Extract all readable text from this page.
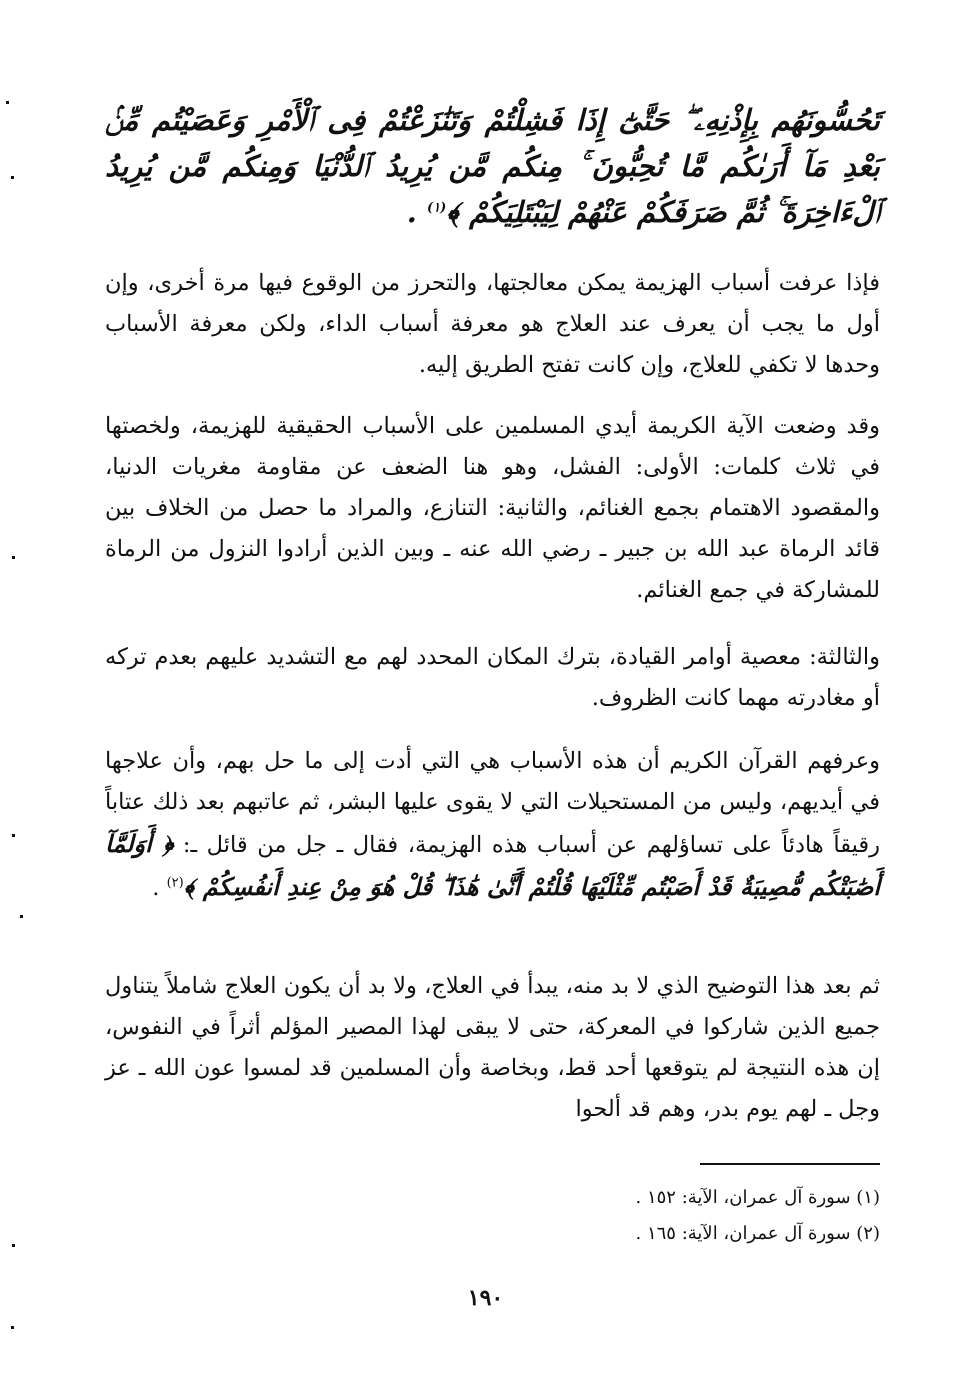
تَحُسُّونَهُم بِإِذْنِهِۦ ۖ حَتَّىٰٓ إِذَا فَشِلْتُمْ وَتَنَٰزَعْتُمْ فِى ٱلْأَمْرِ وَعَصَيْتُم مِّنۢ بَعْدِ مَآ أَرَىٰكُم مَّا تُحِبُّونَ ۚ مِنكُم مَّن يُرِيدُ ٱلدُّنْيَا وَمِنكُم مَّن يُرِيدُ ٱلْءَاخِرَةَ ۚ ثُمَّ صَرَفَكُمْ عَنْهُمْ لِيَبْتَلِيَكُمْ ﴾$^{(١)}$ .
فإذا عرفت أسباب الهزيمة يمكن معالجتها، والتحرز من الوقوع فيها مرة أخرى، وإن أول ما يجب أن يعرف عند العلاج هو معرفة أسباب الداء، ولكن معرفة الأسباب وحدها لا تكفي للعلاج، وإن كانت تفتح الطريق إليه.
وقد وضعت الآية الكريمة أيدي المسلمين على الأسباب الحقيقية للهزيمة، ولخصتها في ثلاث كلمات: الأولى: الفشل، وهو هنا الضعف عن مقاومة مغريات الدنيا، والمقصود الاهتمام بجمع الغنائم، والثانية: التنازع، والمراد ما حصل من الخلاف بين قائد الرماة عبد الله بن جبير ـ رضي الله عنه ـ وبين الذين أرادوا النزول من الرماة للمشاركة في جمع الغنائم.
والثالثة: معصية أوامر القيادة، بترك المكان المحدد لهم مع التشديد عليهم بعدم تركه أو مغادرته مهما كانت الظروف.
وعرفهم القرآن الكريم أن هذه الأسباب هي التي أدت إلى ما حل بهم، وأن علاجها في أيديهم، وليس من المستحيلات التي لا يقوى عليها البشر، ثم عاتبهم بعد ذلك عتاباً رقيقاً هادئاً على تساؤلهم عن أسباب هذه الهزيمة، فقال ـ جل من قائل ـ: ﴿ أَوَلَمَّآ أَصَٰبَتْكُم مُّصِيبَةٌ قَدْ أَصَبْتُم مِّثْلَيْهَا قُلْتُمْ أَنَّىٰ هَٰذَا ۖ قُلْ هُوَ مِنْ عِندِ أَنفُسِكُمْ ﴾$^{(٢)}$ .
ثم بعد هذا التوضيح الذي لا بد منه، يبدأ في العلاج، ولا بد أن يكون العلاج شاملاً يتناول جميع الذين شاركوا في المعركة، حتى لا يبقى لهذا المصير المؤلم أثراً في النفوس، إن هذه النتيجة لم يتوقعها أحد قط، وبخاصة وأن المسلمين قد لمسوا عون الله ـ عز وجل ـ لهم يوم بدر، وهم قد ألحوا
(١) سورة آل عمران، الآية: ١٥٢ .
(٢) سورة آل عمران، الآية: ١٦٥ .
١٩٠
